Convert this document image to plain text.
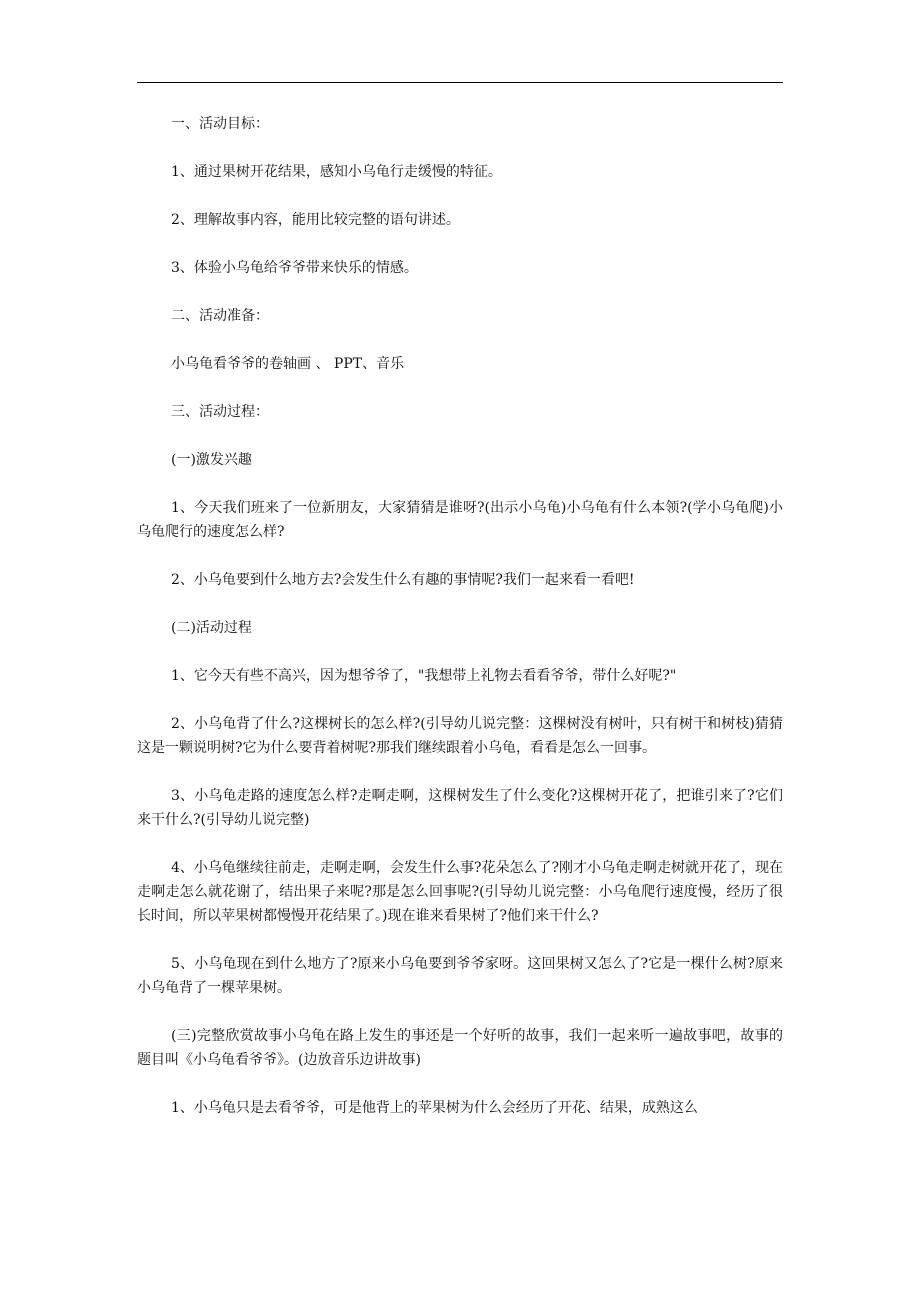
一、活动目标：

1、通过果树开花结果，感知小乌龟行走缓慢的特征。

2、理解故事内容，能用比较完整的语句讲述。

3、体验小乌龟给爷爷带来快乐的情感。

二、活动准备：

小乌龟看爷爷的卷轴画 、 PPT、音乐

三、活动过程：

(一)激发兴趣

1、今天我们班来了一位新朋友，大家猜猜是谁呀?(出示小乌龟)小乌龟有什么本领?(学小乌龟爬)小乌龟爬行的速度怎么样?

2、小乌龟要到什么地方去?会发生什么有趣的事情呢?我们一起来看一看吧!

(二)活动过程

1、它今天有些不高兴，因为想爷爷了，"我想带上礼物去看看爷爷，带什么好呢?"

2、小乌龟背了什么?这棵树长的怎么样?(引导幼儿说完整：这棵树没有树叶，只有树干和树枝)猜猜这是一颗说明树?它为什么要背着树呢?那我们继续跟着小乌龟，看看是怎么一回事。

3、小乌龟走路的速度怎么样?走啊走啊，这棵树发生了什么变化?这棵树开花了，把谁引来了?它们来干什么?(引导幼儿说完整)

4、小乌龟继续往前走，走啊走啊，会发生什么事?花朵怎么了?刚才小乌龟走啊走树就开花了，现在走啊走怎么就花谢了，结出果子来呢?那是怎么回事呢?(引导幼儿说完整：小乌龟爬行速度慢，经历了很长时间，所以苹果树都慢慢开花结果了。)现在谁来看果树了?他们来干什么?

5、小乌龟现在到什么地方了?原来小乌龟要到爷爷家呀。这回果树又怎么了?它是一棵什么树?原来小乌龟背了一棵苹果树。

(三)完整欣赏故事小乌龟在路上发生的事还是一个好听的故事，我们一起来听一遍故事吧，故事的题目叫《小乌龟看爷爷》。(边放音乐边讲故事)

1、小乌龟只是去看爷爷，可是他背上的苹果树为什么会经历了开花、结果，成熟这么
